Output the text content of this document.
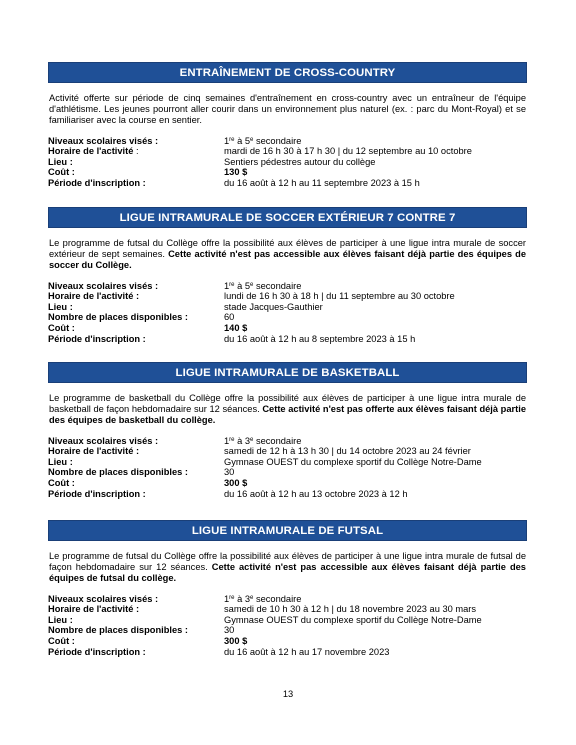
ENTRAÎNEMENT DE CROSS-COUNTRY
Activité offerte sur période de cinq semaines d'entraînement en cross-country avec un entraîneur de l'équipe d'athlétisme. Les jeunes pourront aller courir dans un environnement plus naturel (ex. : parc du Mont-Royal) et se familiariser avec la course en sentier.
Niveaux scolaires visés :	1re à 5e secondaire
Horaire de l'activité :	mardi de 16 h 30 à 17 h 30 | du 12 septembre au 10 octobre
Lieu :	Sentiers pédestres autour du collège
Coût :	130 $
Période d'inscription :	du 16 août à 12 h au 11 septembre 2023 à 15 h
LIGUE INTRAMURALE DE SOCCER EXTÉRIEUR 7 CONTRE 7
Le programme de futsal du Collège offre la possibilité aux élèves de participer à une ligue intra murale de soccer extérieur de sept semaines. Cette activité n'est pas accessible aux élèves faisant déjà partie des équipes de soccer du Collège.
Niveaux scolaires visés :	1re à 5e secondaire
Horaire de l'activité :	lundi de 16 h 30 à 18 h | du 11 septembre au 30 octobre
Lieu :	stade Jacques-Gauthier
Nombre de places disponibles :	60
Coût :	140 $
Période d'inscription :	du 16 août à 12 h au 8 septembre 2023 à 15 h
LIGUE INTRAMURALE DE BASKETBALL
Le programme de basketball du Collège offre la possibilité aux élèves de participer à une ligue intra murale de basketball de façon hebdomadaire sur 12 séances. Cette activité n'est pas offerte aux élèves faisant déjà partie des équipes de basketball du collège.
Niveaux scolaires visés :	1re à 3e secondaire
Horaire de l'activité :	samedi de 12 h à 13 h 30 | du 14 octobre 2023 au 24 février
Lieu :	Gymnase OUEST du complexe sportif du Collège Notre-Dame
Nombre de places disponibles :	30
Coût :	300 $
Période d'inscription :	du 16 août à 12 h au 13 octobre 2023 à 12 h
LIGUE INTRAMURALE DE FUTSAL
Le programme de futsal du Collège offre la possibilité aux élèves de participer à une ligue intra murale de futsal de façon hebdomadaire sur 12 séances. Cette activité n'est pas accessible aux élèves faisant déjà partie des équipes de futsal du collège.
Niveaux scolaires visés :	1re à 3e secondaire
Horaire de l'activité :	samedi de 10 h 30 à 12 h | du 18 novembre 2023 au 30 mars
Lieu :	Gymnase OUEST du complexe sportif du Collège Notre-Dame
Nombre de places disponibles :	30
Coût :	300 $
Période d'inscription :	du 16 août à 12 h au 17 novembre 2023
13
